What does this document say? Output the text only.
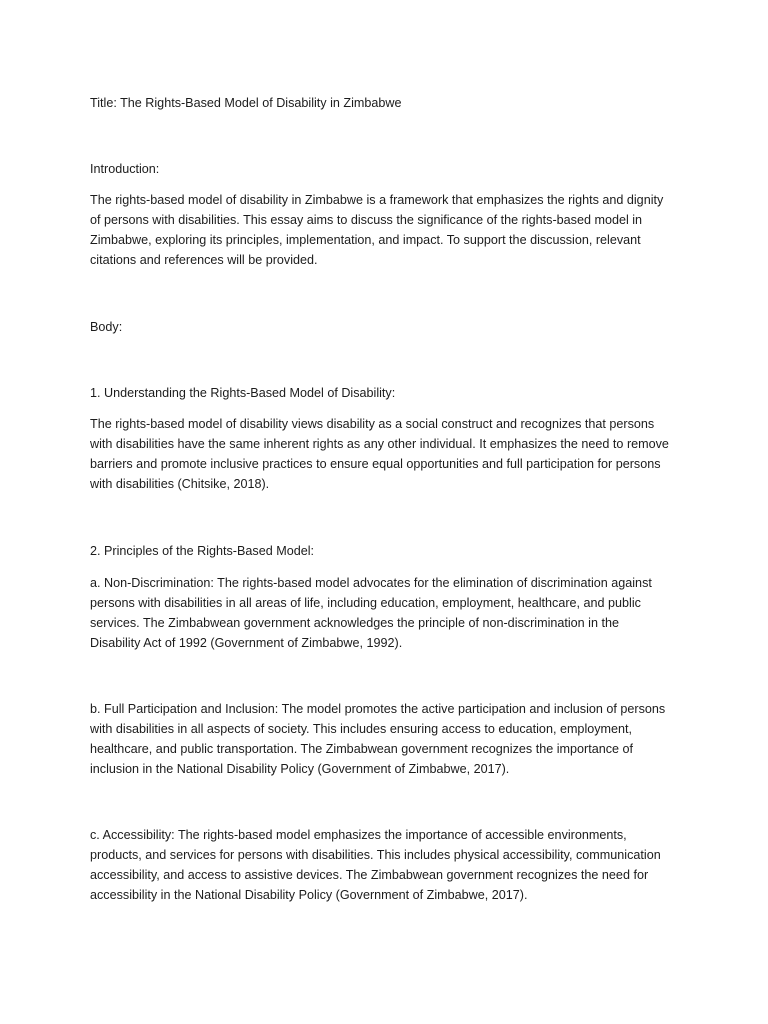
Title: The Rights-Based Model of Disability in Zimbabwe

Introduction:

The rights-based model of disability in Zimbabwe is a framework that emphasizes the rights and dignity

of persons with disabilities. This essay aims to discuss the significance of the rights-based model in

Zimbabwe, exploring its principles, implementation, and impact. To support the discussion, relevant

citations and references will be provided.

Body:

1. Understanding the Rights-Based Model of Disability:

The rights-based model of disability views disability as a social construct and recognizes that persons

with disabilities have the same inherent rights as any other individual. It emphasizes the need to remove

barriers and promote inclusive practices to ensure equal opportunities and full participation for persons

with disabilities (Chitsike, 2018).

2. Principles of the Rights-Based Model:

a. Non-Discrimination: The rights-based model advocates for the elimination of discrimination against

persons with disabilities in all areas of life, including education, employment, healthcare, and public

services. The Zimbabwean government acknowledges the principle of non-discrimination in the

Disability Act of 1992 (Government of Zimbabwe, 1992).

b. Full Participation and Inclusion: The model promotes the active participation and inclusion of persons

with disabilities in all aspects of society. This includes ensuring access to education, employment,

healthcare, and public transportation. The Zimbabwean government recognizes the importance of

inclusion in the National Disability Policy (Government of Zimbabwe, 2017).

c. Accessibility: The rights-based model emphasizes the importance of accessible environments,

products, and services for persons with disabilities. This includes physical accessibility, communication

accessibility, and access to assistive devices. The Zimbabwean government recognizes the need for

accessibility in the National Disability Policy (Government of Zimbabwe, 2017).
